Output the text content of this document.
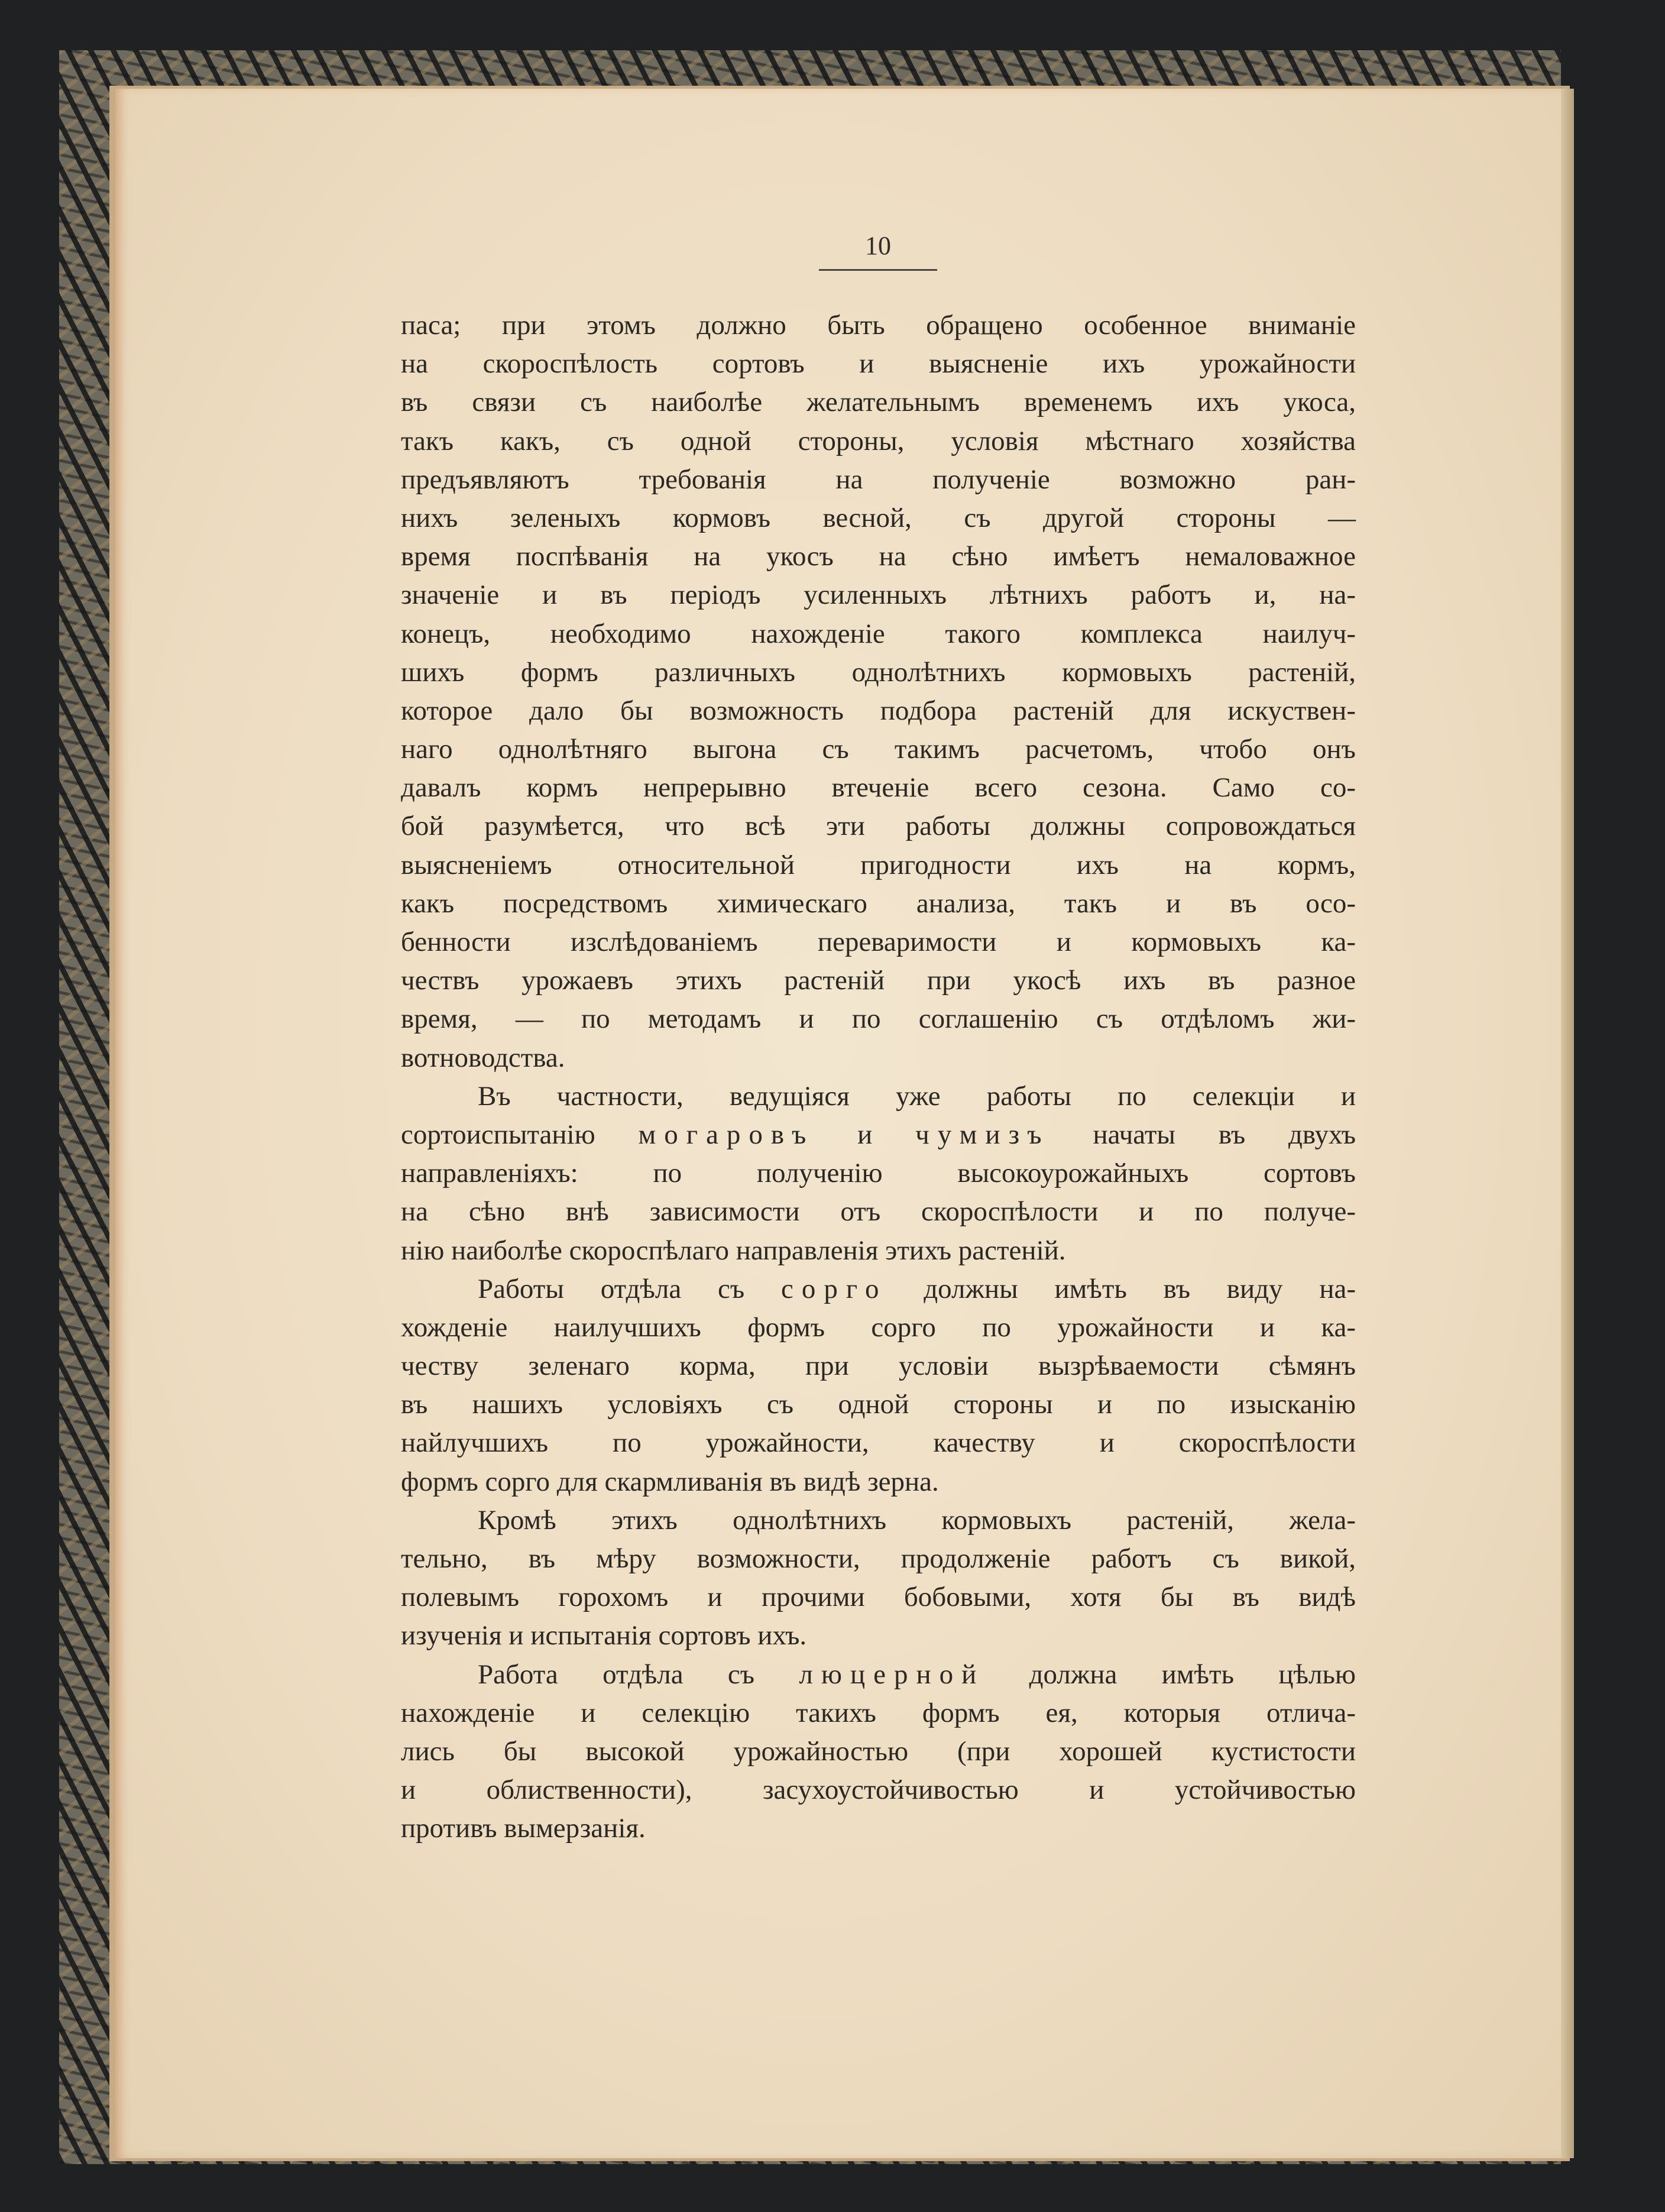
10
паса; при этомъ должно быть обращено особенное вниманіе
на скороспѣлость сортовъ и выясненіе ихъ урожайности
въ связи съ наиболѣе желательнымъ временемъ ихъ укоса,
такъ какъ, съ одной стороны, условія мѣстнаго хозяйства
предъявляютъ требованія на полученіе возможно ран-
нихъ зеленыхъ кормовъ весной, съ другой стороны —
время поспѣванія на укосъ на сѣно имѣетъ немаловажное
значеніе и въ періодъ усиленныхъ лѣтнихъ работъ и, на-
конецъ, необходимо нахожденіе такого комплекса наилуч-
шихъ формъ различныхъ однолѣтнихъ кормовыхъ растеній,
которое дало бы возможность подбора растеній для искуствен-
наго однолѣтняго выгона съ такимъ расчетомъ, чтобо онъ
давалъ кормъ непрерывно втеченіе всего сезона. Само со-
бой разумѣется, что всѣ эти работы должны сопровождаться
выясненіемъ относительной пригодности ихъ на кормъ,
какъ посредствомъ химическаго анализа, такъ и въ осо-
бенности изслѣдованіемъ переваримости и кормовыхъ ка-
чествъ урожаевъ этихъ растеній при укосѣ ихъ въ разное
время, — по методамъ и по соглашенію съ отдѣломъ жи-
вотноводства.
Въ частности, ведущіяся уже работы по селекціи и
сортоиспытанію могаровъ и чумизъ начаты въ двухъ
направленіяхъ: по полученію высокоурожайныхъ сортовъ
на сѣно внѣ зависимости отъ скороспѣлости и по получе-
нію наиболѣе скороспѣлаго направленія этихъ растеній.
Работы отдѣла съ сорго должны имѣть въ виду на-
хожденіе наилучшихъ формъ сорго по урожайности и ка-
честву зеленаго корма, при условіи вызрѣваемости сѣмянъ
въ нашихъ условіяхъ съ одной стороны и по изысканію
найлучшихъ по урожайности, качеству и скороспѣлости
формъ сорго для скармливанія въ видѣ зерна.
Кромѣ этихъ однолѣтнихъ кормовыхъ растеній, жела-
тельно, въ мѣру возможности, продолженіе работъ съ викой,
полевымъ горохомъ и прочими бобовыми, хотя бы въ видѣ
изученія и испытанія сортовъ ихъ.
Работа отдѣла съ люцерной должна имѣть цѣлью
нахожденіе и селекцію такихъ формъ ея, которыя отлича-
лись бы высокой урожайностью (при хорошей кустистости
и облиственности), засухоустойчивостью и устойчивостью
противъ вымерзанія.
